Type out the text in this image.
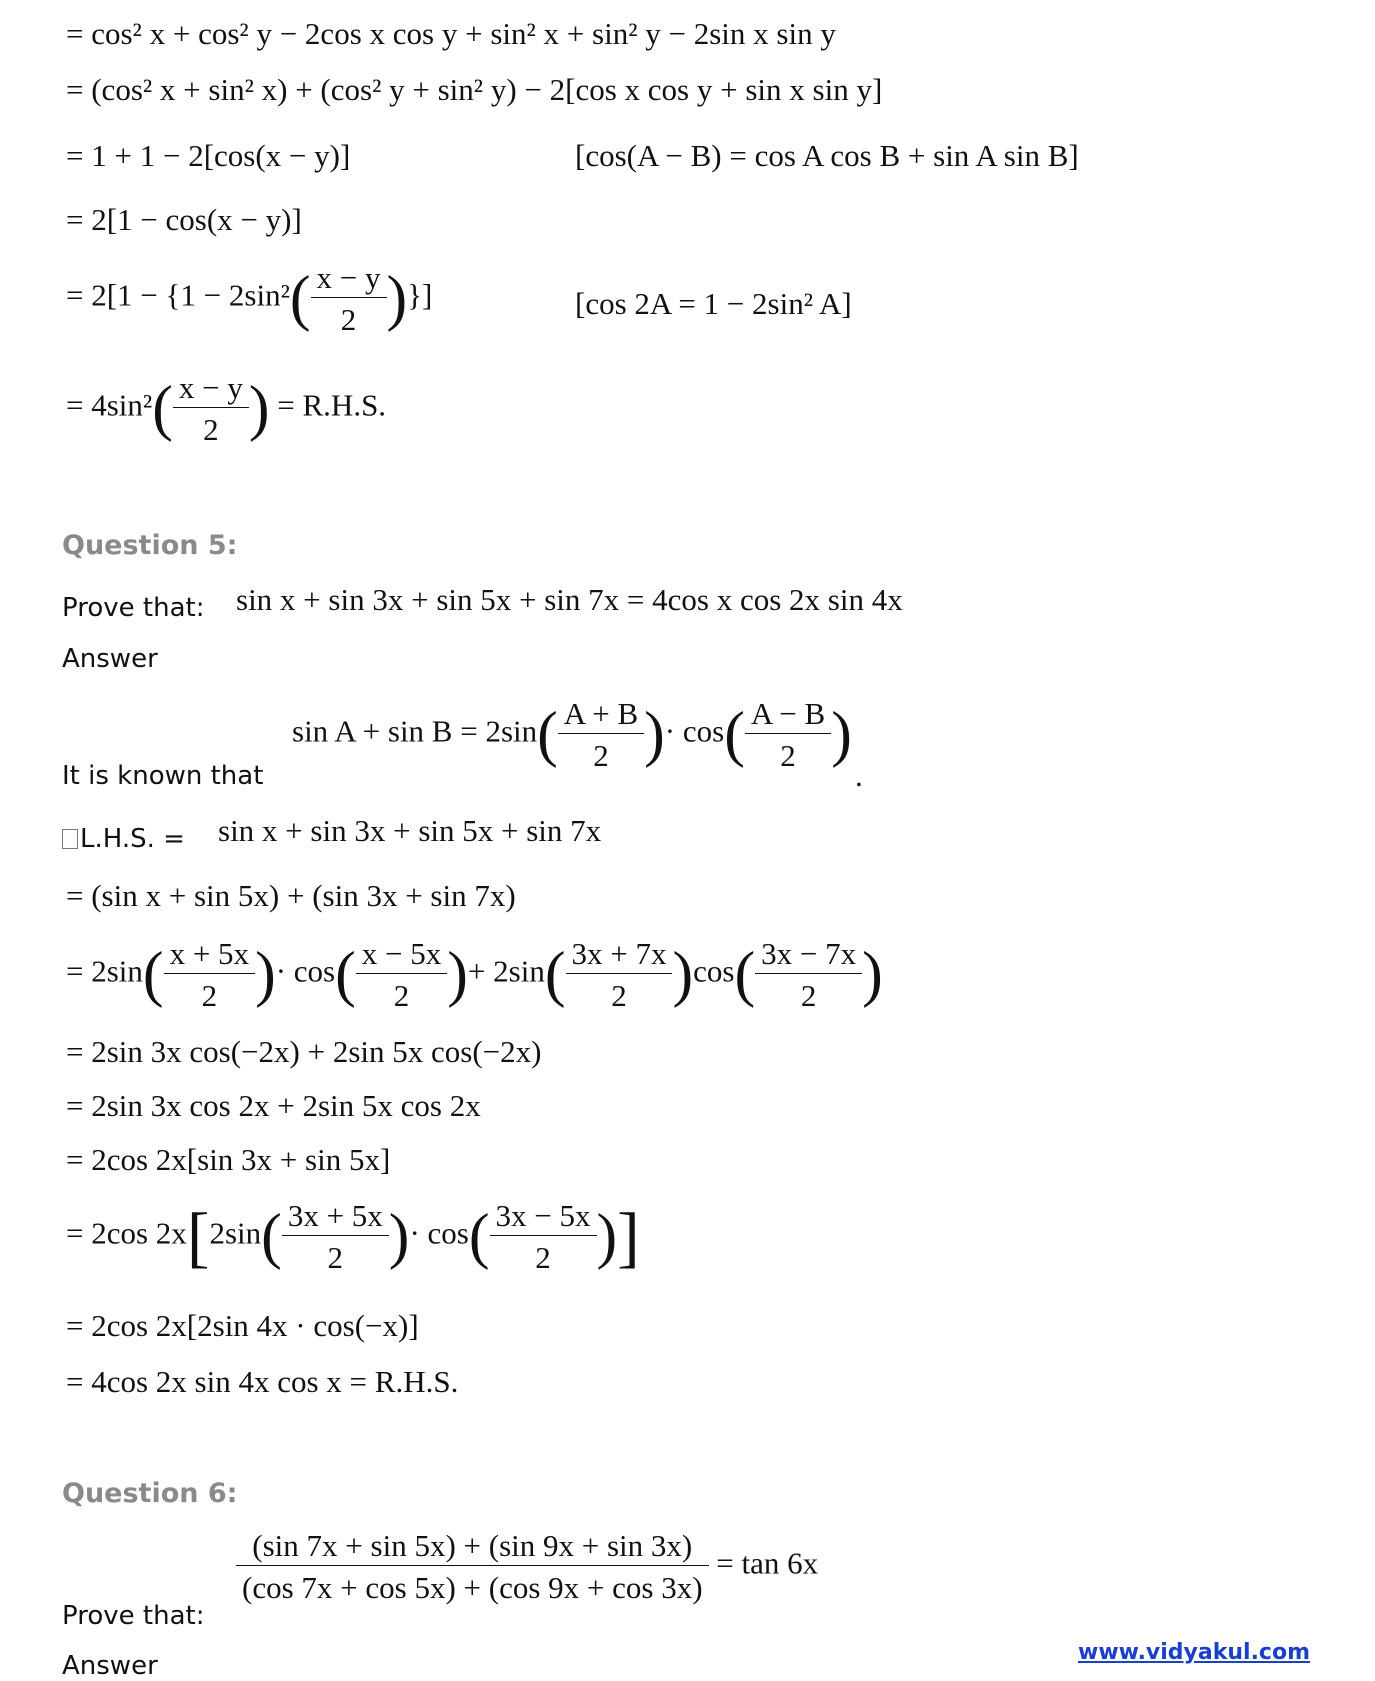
= cos² x + cos² y − 2cos x cos y + sin² x + sin² y − 2sin x sin y
= (cos² x + sin² x) + (cos² y + sin² y) − 2[cos x cos y + sin x sin y]
= 1 + 1 − 2[cos(x − y)]	[cos(A − B) = cos A cos B + sin A sin B]
= 2[1 − cos(x − y)]
= $2[1 - \{1 - 2\sin^2( \frac{x - y}{2}$ )}]	[cos 2A = 1 − 2sin² A]
= $4\sin^2( \frac{x - y}{2}$ ) = R.H.S.
Question 5:
Prove that: sin x + sin 3x + sin 5x + sin 7x = 4cos x cos 2x sin 4x
Answer
$\sin A + \sin B = 2\sin( \frac{A + B}{2}$ )· $\cos( \frac{A - B}{2}$ )
.
It is known that
L.H.S. = sin x + sin 3x + sin 5x + sin 7x
= (sin x + sin 5x) + (sin 3x + sin 7x)
= $2\sin( \frac{x + 5x}{2}$ )· $\cos( \frac{x - 5x}{2}$ )+ $2\sin( \frac{3x + 7x}{2} )\cos( \frac{3x - 7x}{2}$ )
= 2sin 3x cos(−2x) + 2sin 5x cos(−2x)
= 2sin 3x cos 2x + 2sin 5x cos 2x
= 2cos 2x[sin 3x + sin 5x]
= 2cos $2x[2\sin( \frac{3x + 5x}{2}$ )· $\cos( \frac{3x - 5x}{2}$ )]
= 2cos 2x[2sin 4x · cos(−x)]
= 4cos 2x sin 4x cos x = R.H.S.
Question 6:
$\frac{(\sin 7x + \sin 5x) + (\sin 9x + \sin 3x)}{(\cos 7x + \cos 5x) + (\cos 9x + \cos 3x)} = \tan 6x$
Prove that:
Answer	www.vidyakul.com
